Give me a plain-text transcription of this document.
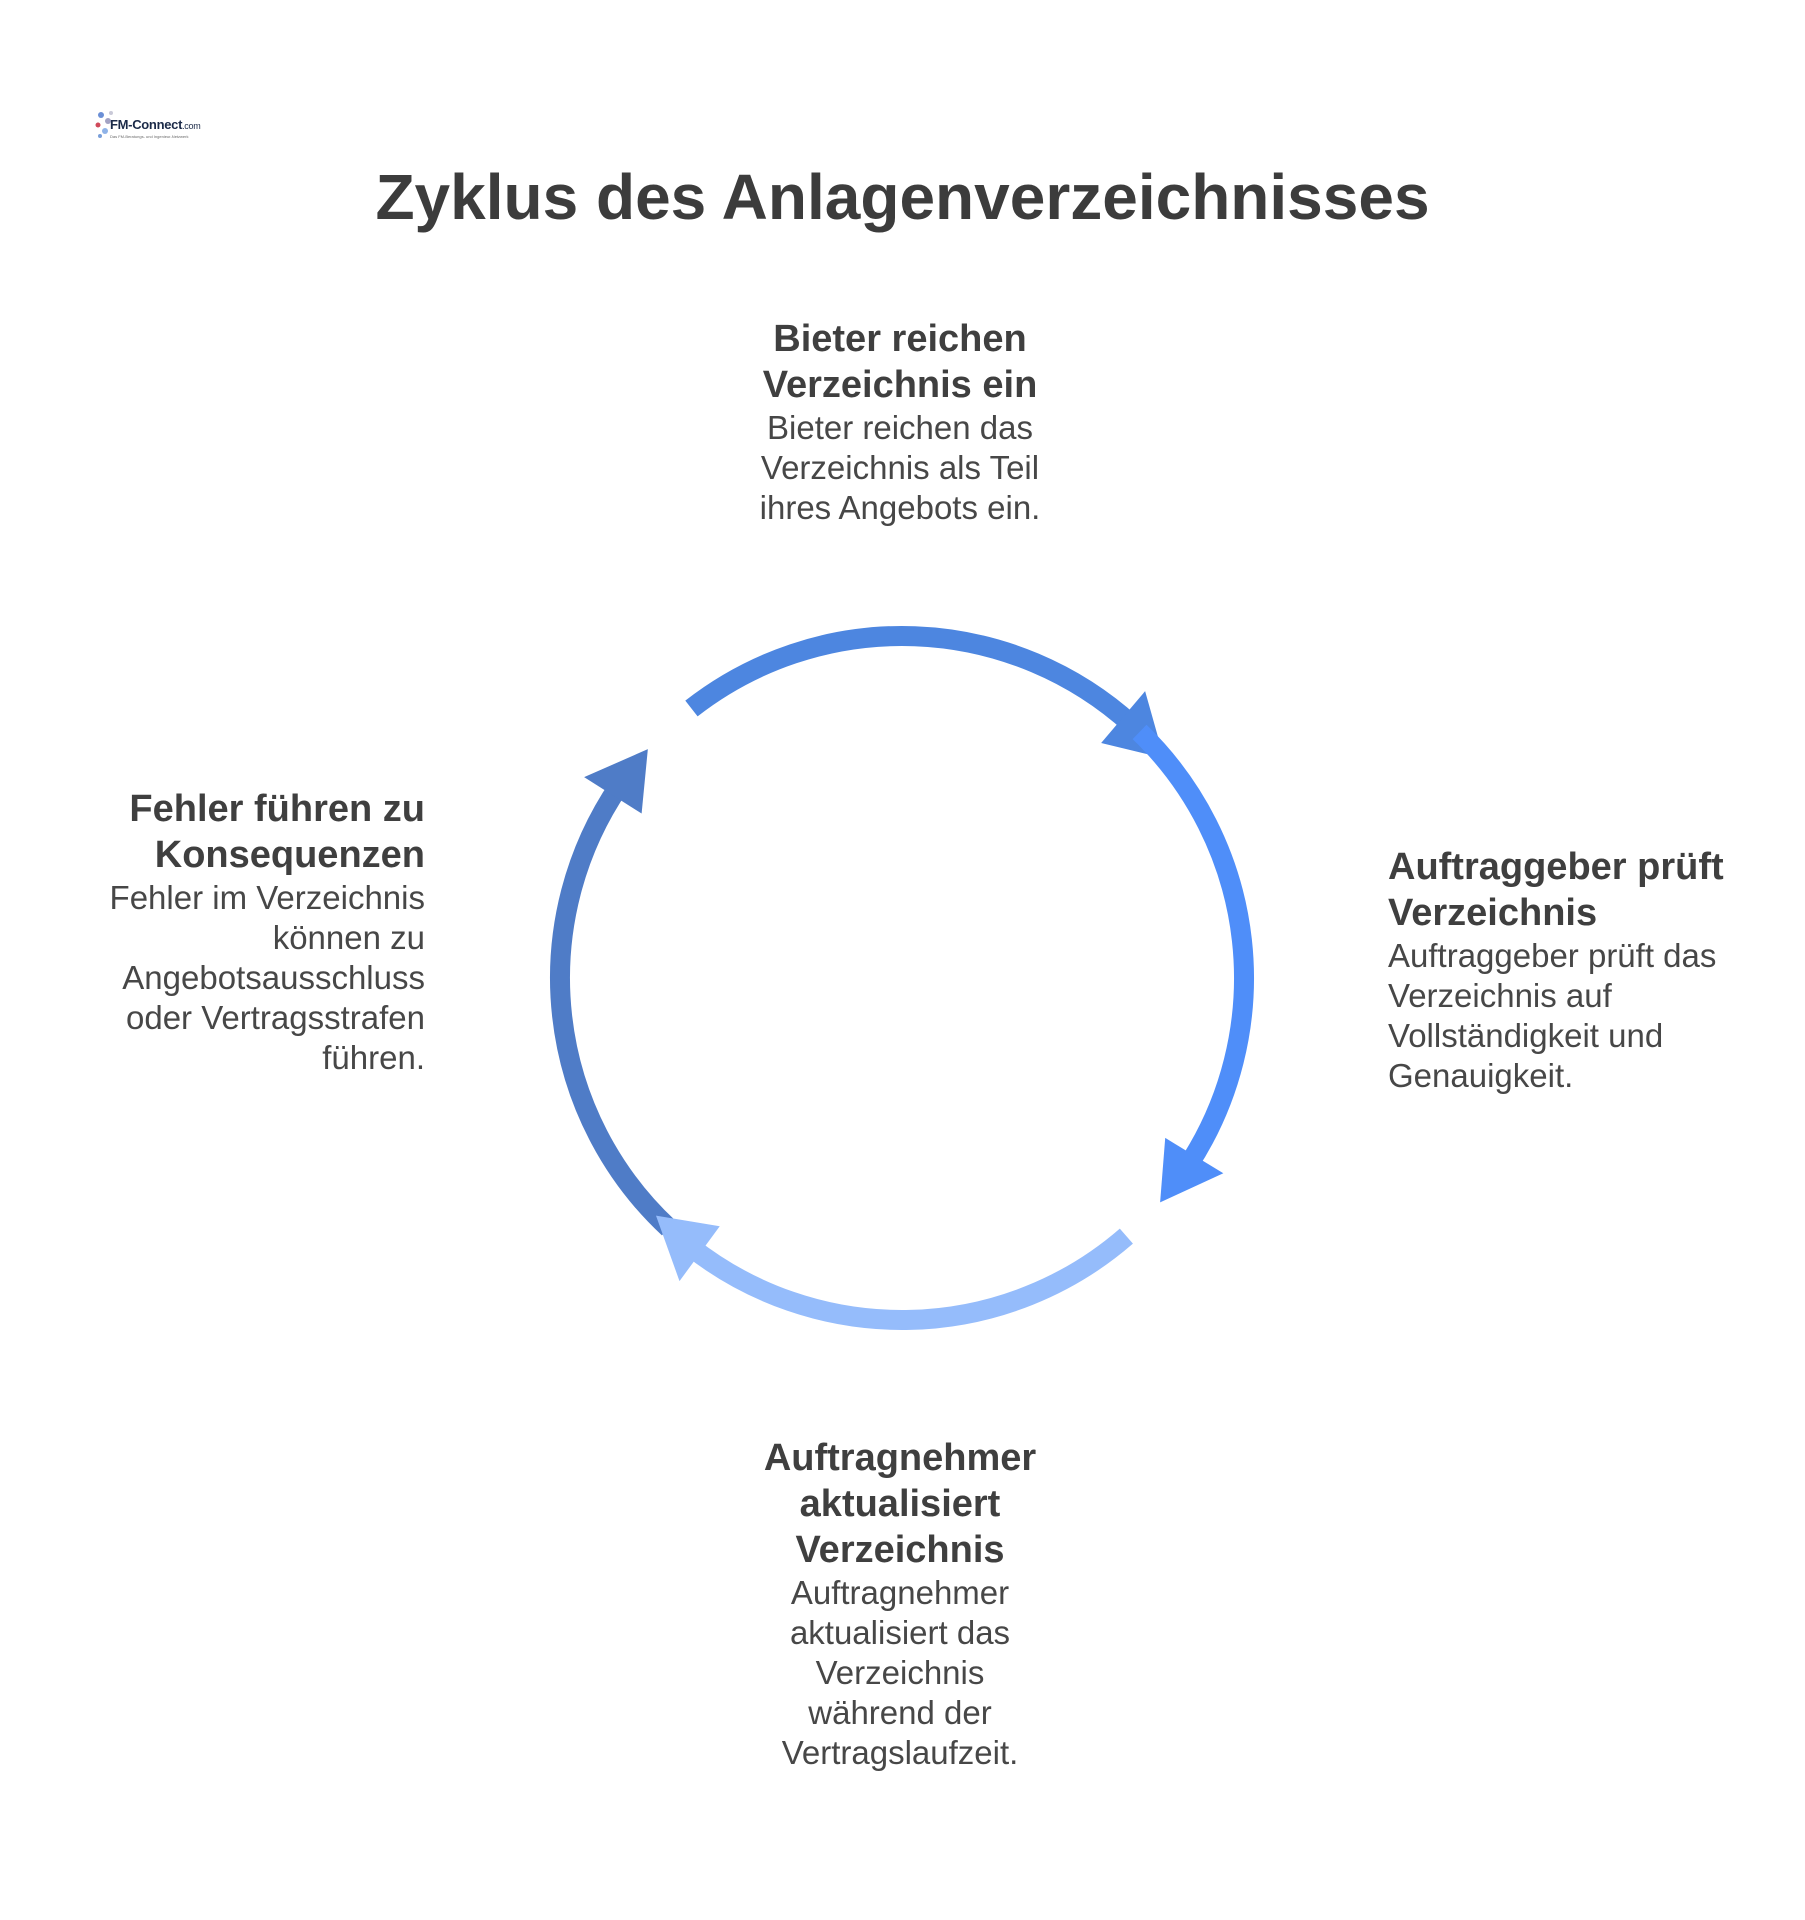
FM-Connect.com
Das FM-Beratungs- und Ingenieur-Netzwerk
Zyklus des Anlagenverzeichnisses
Bieter reichen Verzeichnis ein

Bieter reichen das Verzeichnis als Teil ihres Angebots ein.

Auftraggeber prüft Verzeichnis

Auftraggeber prüft das Verzeichnis auf Vollständigkeit und Genauigkeit.

Auftragnehmer aktualisiert Verzeichnis

Auftragnehmer aktualisiert das Verzeichnis während der Vertragslaufzeit.

Fehler führen zu Konsequenzen

Fehler im Verzeichnis können zu Angebotsausschluss oder Vertragsstrafen führen.
